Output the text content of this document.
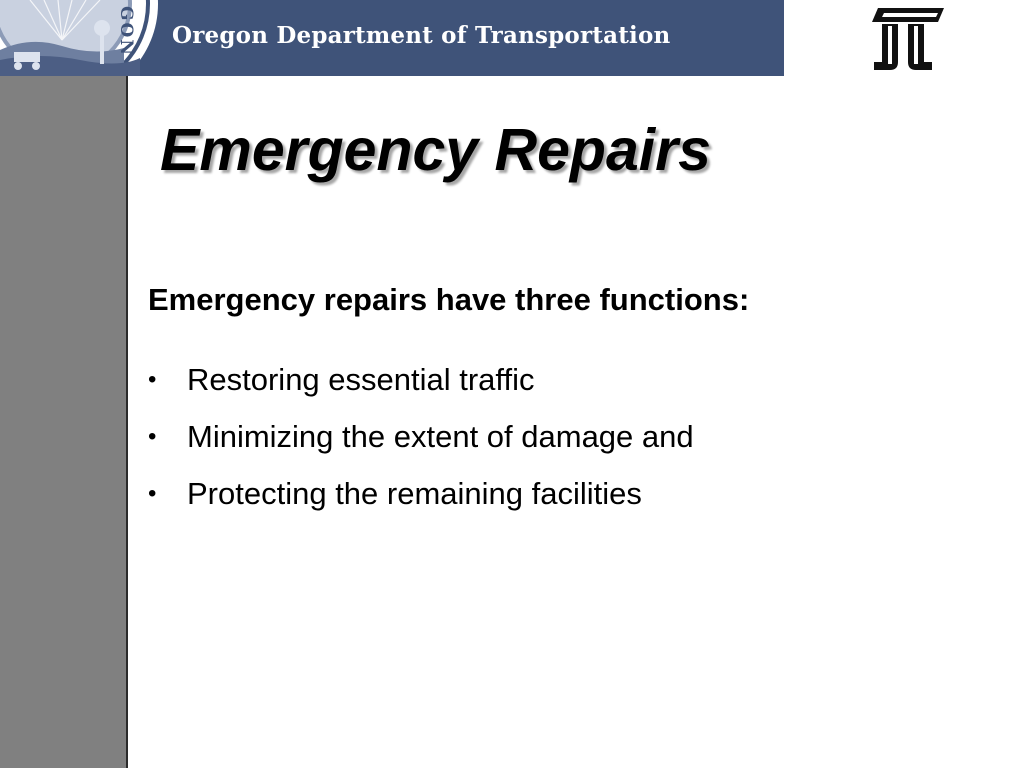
GON Oregon Department of Transportation
Emergency Repairs
Emergency repairs have three functions:
• Restoring essential traffic
• Minimizing the extent of damage and
• Protecting the remaining facilities
